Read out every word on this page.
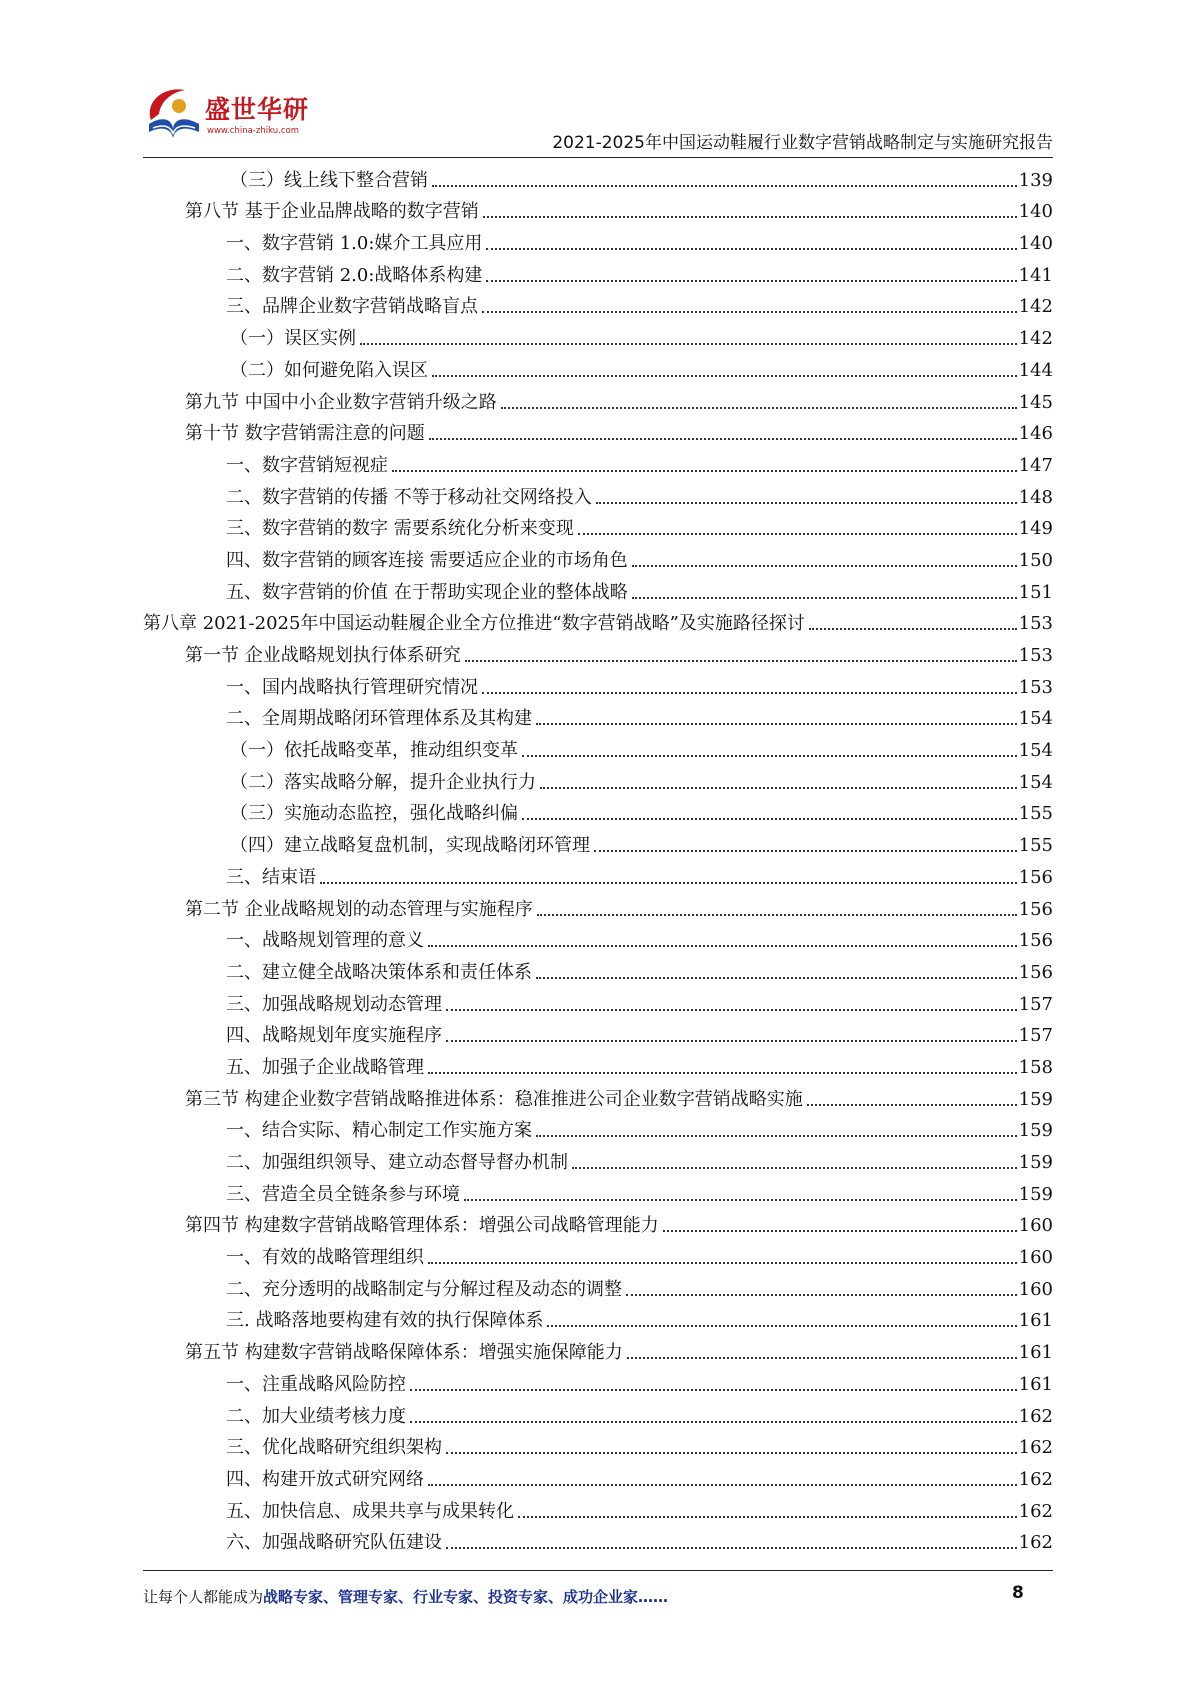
盛世华研
www.china-zhiku.com
2021-2025年中国运动鞋履行业数字营销战略制定与实施研究报告
（三）线上线下整合营销	139
第八节 基于企业品牌战略的数字营销	140
一、数字营销 1.0:媒介工具应用	140
二、数字营销 2.0:战略体系构建	141
三、品牌企业数字营销战略盲点	142
（一）误区实例	142
（二）如何避免陷入误区	144
第九节 中国中小企业数字营销升级之路	145
第十节 数字营销需注意的问题	146
一、数字营销短视症	147
二、数字营销的传播 不等于移动社交网络投入	148
三、数字营销的数字 需要系统化分析来变现	149
四、数字营销的顾客连接 需要适应企业的市场角色	150
五、数字营销的价值 在于帮助实现企业的整体战略	151
第八章 2021-2025年中国运动鞋履企业全方位推进“数字营销战略”及实施路径探讨	153
第一节 企业战略规划执行体系研究	153
一、国内战略执行管理研究情况	153
二、全周期战略闭环管理体系及其构建	154
（一）依托战略变革，推动组织变革	154
（二）落实战略分解，提升企业执行力	154
（三）实施动态监控，强化战略纠偏	155
（四）建立战略复盘机制，实现战略闭环管理	155
三、结束语	156
第二节 企业战略规划的动态管理与实施程序	156
一、战略规划管理的意义	156
二、建立健全战略决策体系和责任体系	156
三、加强战略规划动态管理	157
四、战略规划年度实施程序	157
五、加强子企业战略管理	158
第三节 构建企业数字营销战略推进体系：稳准推进公司企业数字营销战略实施	159
一、结合实际、精心制定工作实施方案	159
二、加强组织领导、建立动态督导督办机制	159
三、营造全员全链条参与环境	159
第四节 构建数字营销战略管理体系：增强公司战略管理能力	160
一、有效的战略管理组织	160
二、充分透明的战略制定与分解过程及动态的调整	160
三. 战略落地要构建有效的执行保障体系	161
第五节 构建数字营销战略保障体系：增强实施保障能力	161
一、注重战略风险防控	161
二、加大业绩考核力度	162
三、优化战略研究组织架构	162
四、构建开放式研究网络	162
五、加快信息、成果共享与成果转化	162
六、加强战略研究队伍建设	162
让每个人都能成为战略专家、管理专家、行业专家、投资专家、成功企业家……	8
